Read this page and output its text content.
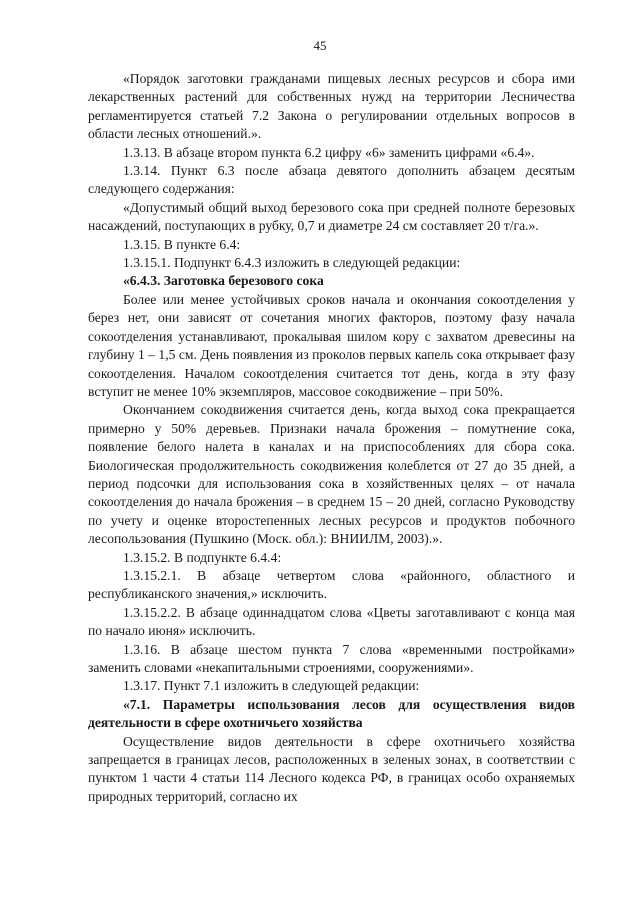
45

«Порядок заготовки гражданами пищевых лесных ресурсов и сбора ими лекарственных растений для собственных нужд на территории Лесничества регламентируется статьей 7.2 Закона о регулировании отдельных вопросов в области лесных отношений.».

1.3.13. В абзаце втором пункта 6.2 цифру «6» заменить цифрами «6.4».

1.3.14. Пункт 6.3 после абзаца девятого дополнить абзацем десятым следующего содержания:

«Допустимый общий выход березового сока при средней полноте березовых насаждений, поступающих в рубку, 0,7 и диаметре 24 см составляет 20 т/га.».

1.3.15. В пункте 6.4:

1.3.15.1. Подпункт 6.4.3 изложить в следующей редакции:

«6.4.3. Заготовка березового сока

Более или менее устойчивых сроков начала и окончания сокоотделения у берез нет, они зависят от сочетания многих факторов, поэтому фазу начала сокоотделения устанавливают, прокалывая шилом кору с захватом древесины на глубину 1 – 1,5 см. День появления из проколов первых капель сока открывает фазу сокоотделения. Началом сокоотделения считается тот день, когда в эту фазу вступит не менее 10% экземпляров, массовое сокодвижение – при 50%.

Окончанием сокодвижения считается день, когда выход сока прекращается примерно у 50% деревьев. Признаки начала брожения – помутнение сока, появление белого налета в каналах и на приспособлениях для сбора сока. Биологическая продолжительность сокодвижения колеблется от 27 до 35 дней, а период подсочки для использования сока в хозяйственных целях – от начала сокоотделения до начала брожения – в среднем 15 – 20 дней, согласно Руководству по учету и оценке второстепенных лесных ресурсов и продуктов побочного лесопользования (Пушкино (Моск. обл.): ВНИИЛМ, 2003).».

1.3.15.2. В подпункте 6.4.4:

1.3.15.2.1. В абзаце четвертом слова «районного, областного и республиканского значения,» исключить.

1.3.15.2.2. В абзаце одиннадцатом слова «Цветы заготавливают с конца мая по начало июня» исключить.

1.3.16. В абзаце шестом пункта 7 слова «временными постройками» заменить словами «некапитальными строениями, сооружениями».

1.3.17. Пункт 7.1 изложить в следующей редакции:

«7.1. Параметры использования лесов для осуществления видов деятельности в сфере охотничьего хозяйства

Осуществление видов деятельности в сфере охотничьего хозяйства запрещается в границах лесов, расположенных в зеленых зонах, в соответствии с пунктом 1 части 4 статьи 114 Лесного кодекса РФ, в границах особо охраняемых природных территорий, согласно их
